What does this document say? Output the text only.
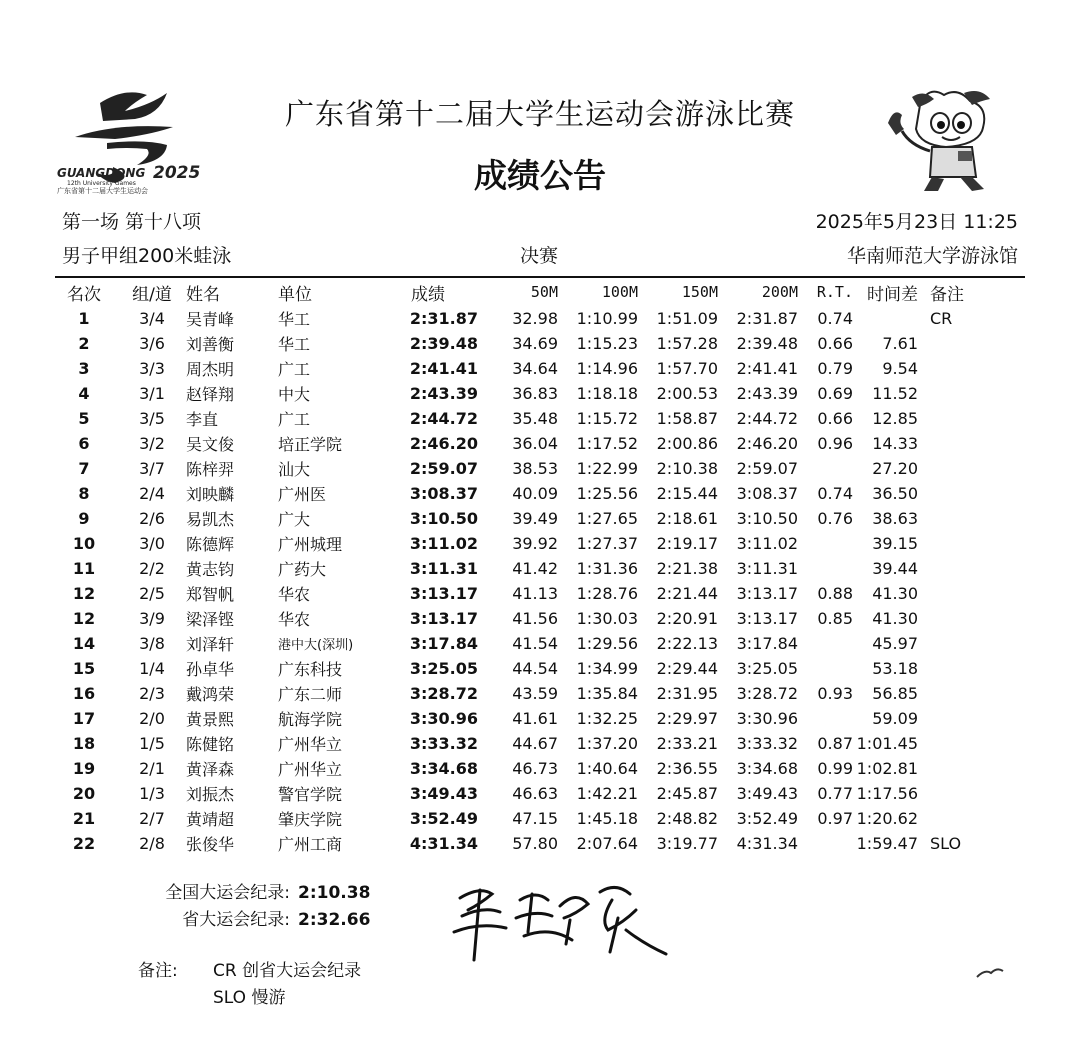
GUANGDONG 2025
12th University Games
广东省第十二届大学生运动会
广东省第十二届大学生运动会游泳比赛
成绩公告
第一场 第十八项	2025年5月23日 11:25
男子甲组200米蛙泳	决赛	华南师范大学游泳馆
名次	组/道	姓名	单位	成绩	50M	100M	150M	200M	R.T.	时间差	备注
1	3/4	吴青峰	华工	2:31.87	32.98	1:10.99	1:51.09	2:31.87	0.74		CR
2	3/6	刘善衡	华工	2:39.48	34.69	1:15.23	1:57.28	2:39.48	0.66	7.61	
3	3/3	周杰明	广工	2:41.41	34.64	1:14.96	1:57.70	2:41.41	0.79	9.54	
4	3/1	赵铎翔	中大	2:43.39	36.83	1:18.18	2:00.53	2:43.39	0.69	11.52	
5	3/5	李直	广工	2:44.72	35.48	1:15.72	1:58.87	2:44.72	0.66	12.85	
6	3/2	吴文俊	培正学院	2:46.20	36.04	1:17.52	2:00.86	2:46.20	0.96	14.33	
7	3/7	陈梓羿	汕大	2:59.07	38.53	1:22.99	2:10.38	2:59.07		27.20	
8	2/4	刘映麟	广州医	3:08.37	40.09	1:25.56	2:15.44	3:08.37	0.74	36.50	
9	2/6	易凯杰	广大	3:10.50	39.49	1:27.65	2:18.61	3:10.50	0.76	38.63	
10	3/0	陈德辉	广州城理	3:11.02	39.92	1:27.37	2:19.17	3:11.02		39.15	
11	2/2	黄志钧	广药大	3:11.31	41.42	1:31.36	2:21.38	3:11.31		39.44	
12	2/5	郑智帆	华农	3:13.17	41.13	1:28.76	2:21.44	3:13.17	0.88	41.30	
12	3/9	梁泽铿	华农	3:13.17	41.56	1:30.03	2:20.91	3:13.17	0.85	41.30	
14	3/8	刘泽轩	港中大(深圳)	3:17.84	41.54	1:29.56	2:22.13	3:17.84		45.97	
15	1/4	孙卓华	广东科技	3:25.05	44.54	1:34.99	2:29.44	3:25.05		53.18	
16	2/3	戴鸿荣	广东二师	3:28.72	43.59	1:35.84	2:31.95	3:28.72	0.93	56.85	
17	2/0	黄景熙	航海学院	3:30.96	41.61	1:32.25	2:29.97	3:30.96		59.09	
18	1/5	陈健铭	广州华立	3:33.32	44.67	1:37.20	2:33.21	3:33.32	0.87	1:01.45	
19	2/1	黄泽森	广州华立	3:34.68	46.73	1:40.64	2:36.55	3:34.68	0.99	1:02.81	
20	1/3	刘振杰	警官学院	3:49.43	46.63	1:42.21	2:45.87	3:49.43	0.77	1:17.56	
21	2/7	黄靖超	肇庆学院	3:52.49	47.15	1:45.18	2:48.82	3:52.49	0.97	1:20.62	
22	2/8	张俊华	广州工商	4:31.34	57.80	2:07.64	3:19.77	4:31.34		1:59.47	SLO
全国大运会纪录: 2:10.38
省大运会纪录: 2:32.66
备注: CR 创省大运会纪录
SLO 慢游
